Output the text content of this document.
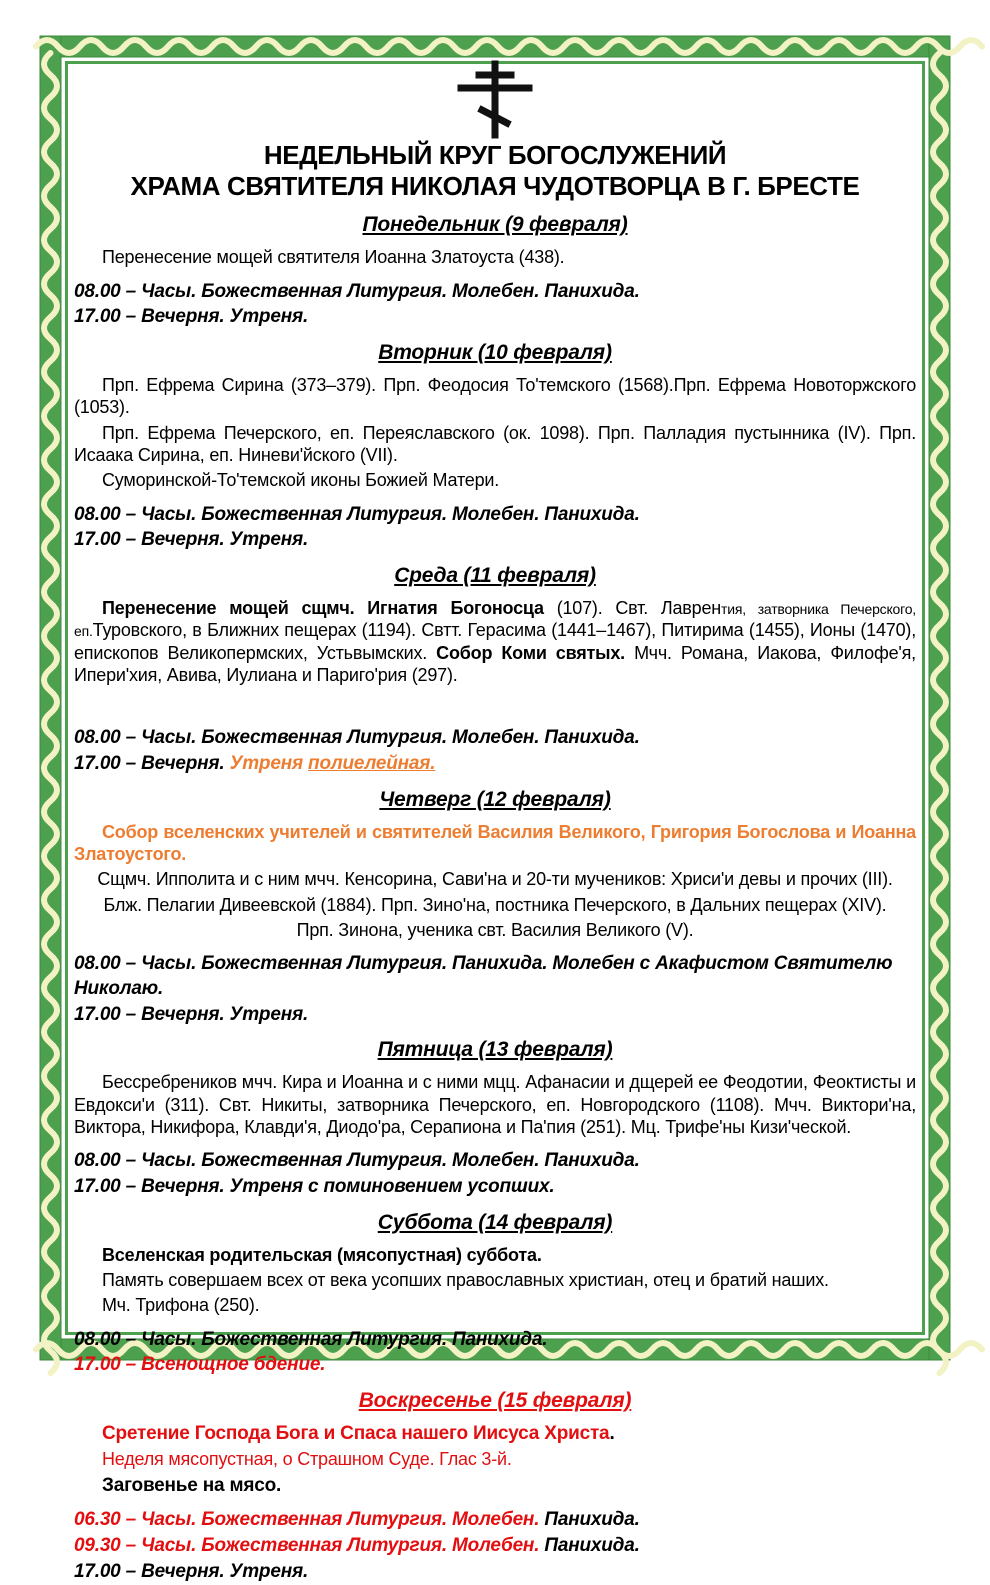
НЕДЕЛЬНЫЙ КРУГ БОГОСЛУЖЕНИЙ
ХРАМА СВЯТИТЕЛЯ НИКОЛАЯ ЧУДОТВОРЦА В Г. БРЕСТЕ
Понедельник (9 февраля)
Перенесение мощей святителя Иоанна Златоуста (438).
08.00 – Часы. Божественная Литургия. Молебен. Панихида.
17.00 – Вечерня. Утреня.
Вторник (10 февраля)
Прп. Ефрема Сирина (373–379). Прп. Феодосия То'темского (1568).Прп. Ефрема Новоторжского (1053).
Прп. Ефрема Печерского, еп. Переяславского (ок. 1098). Прп. Палладия пустынника (IV). Прп. Исаака Сирина, еп. Ниневи'йского (VII).
Суморинской-То'темской иконы Божией Матери.
08.00 – Часы. Божественная Литургия. Молебен. Панихида.
17.00 – Вечерня. Утреня.
Среда (11 февраля)
Перенесение мощей сщмч. Игнатия Богоносца (107). Свт. Лаврентия, затворника Печерского, еп.Туровского, в Ближних пещерах (1194). Свтт. Герасима (1441–1467), Питирима (1455), Ионы (1470), епископов Великопермских, Устьвымских. Собор Коми святых. Мчч. Романа, Иакова, Филофе'я, Ипери'хия, Авива, Иулиана и Париго'рия (297).
08.00 – Часы. Божественная Литургия. Молебен. Панихида.
17.00 – Вечерня. Утреня полиелейная.
Четверг (12 февраля)
Собор вселенских учителей и святителей Василия Великого, Григория Богослова и Иоанна Златоустого.
Сщмч. Ипполита и с ним мчч. Кенсорина, Сави'на и 20-ти мучеников: Хриси'и девы и прочих (III).
Блж. Пелагии Дивеевской (1884). Прп. Зино'на, постника Печерского, в Дальних пещерах (XIV).
Прп. Зинона, ученика свт. Василия Великого (V).
08.00 – Часы. Божественная Литургия. Панихида. Молебен с Акафистом Святителю Николаю.
17.00 – Вечерня. Утреня.
Пятница (13 февраля)
Бессребреников мчч. Кира и Иоанна и с ними мцц. Афанасии и дщерей ее Феодотии, Феоктисты и Евдокси'и (311). Свт. Никиты, затворника Печерского, еп. Новгородского (1108). Мчч. Виктори'на, Виктора, Никифора, Клавди'я, Диодо'ра, Серапиона и Па'пия (251). Мц. Трифе'ны Кизи'ческой.
08.00 – Часы. Божественная Литургия. Молебен. Панихида.
17.00 – Вечерня. Утреня с поминовением усопших.
Суббота (14 февраля)
Вселенская родительская (мясопустная) суббота.
Память совершаем всех от века усопших православных христиан, отец и братий наших.
Мч. Трифона (250).
08.00 – Часы. Божественная Литургия. Панихида.
17.00 – Всенощное бдение.
Воскресенье (15 февраля)
Сретение Господа Бога и Спаса нашего Иисуса Христа.
Неделя мясопустная, о Страшном Суде. Глас 3-й.
Заговенье на мясо.
06.30 – Часы. Божественная Литургия. Молебен. Панихида.
09.30 – Часы. Божественная Литургия. Молебен. Панихида.
17.00 – Вечерня. Утреня.
